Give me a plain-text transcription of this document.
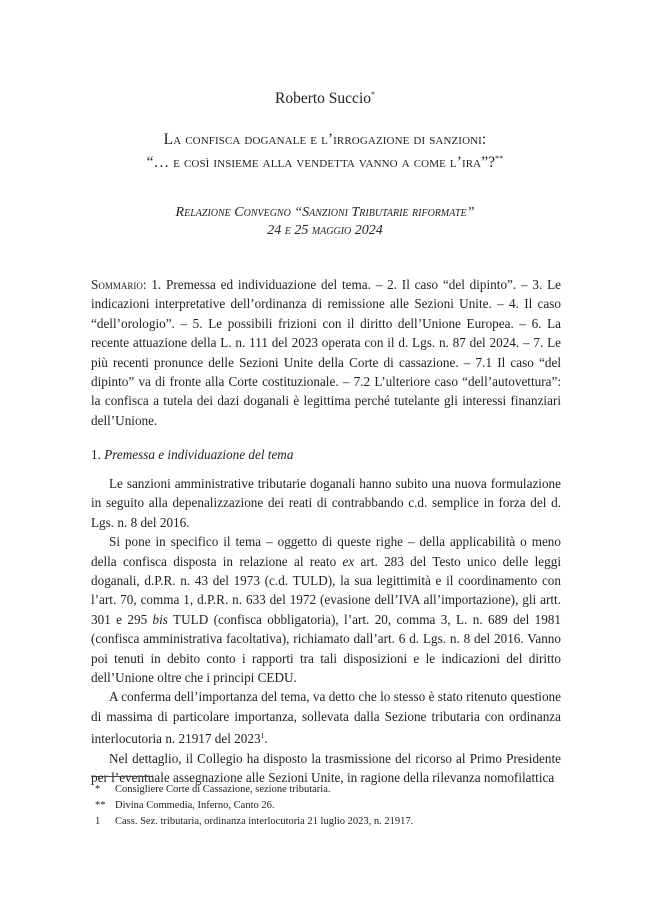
Roberto Succio*
La confisca doganale e l’irrogazione di sanzioni:
“… e così insieme alla vendetta vanno a come l’ira”?**
Relazione Convegno “Sanzioni Tributarie riformate”
24 e 25 maggio 2024
Sommario: 1. Premessa ed individuazione del tema. – 2. Il caso “del dipinto”. – 3. Le indicazioni interpretative dell’ordinanza di remissione alle Sezioni Unite. – 4. Il caso “dell’orologio”. – 5. Le possibili frizioni con il diritto dell’Unione Europea. – 6. La recente attuazione della L. n. 111 del 2023 operata con il d. Lgs. n. 87 del 2024. – 7. Le più recenti pronunce delle Sezioni Unite della Corte di cassazione. – 7.1 Il caso “del dipinto” va di fronte alla Corte costituzionale. – 7.2 L’ulteriore caso “dell’autovettura”: la confisca a tutela dei dazi doganali è legittima perché tutelante gli interessi finanziari dell’Unione.
1. Premessa e individuazione del tema

Le sanzioni amministrative tributarie doganali hanno subito una nuova formulazione in seguito alla depenalizzazione dei reati di contrabbando c.d. semplice in forza del d. Lgs. n. 8 del 2016.

Si pone in specifico il tema – oggetto di queste righe – della applicabilità o meno della confisca disposta in relazione al reato ex art. 283 del Testo unico delle leggi doganali, d.P.R. n. 43 del 1973 (c.d. TULD), la sua legittimità e il coordinamento con l’art. 70, comma 1, d.P.R. n. 633 del 1972 (evasione dell’IVA all’importazione), gli artt. 301 e 295 bis TULD (confisca obbligatoria), l’art. 20, comma 3, L. n. 689 del 1981 (confisca amministrativa facoltativa), richiamato dall’art. 6 d. Lgs. n. 8 del 2016. Vanno poi tenuti in debito conto i rapporti tra tali disposizioni e le indicazioni del diritto dell’Unione oltre che i principi CEDU.

A conferma dell’importanza del tema, va detto che lo stesso è stato ritenuto questione di massima di particolare importanza, sollevata dalla Sezione tributaria con ordinanza interlocutoria n. 21917 del 2023$^1$.

Nel dettaglio, il Collegio ha disposto la trasmissione del ricorso al Primo Presidente per l’eventuale assegnazione alle Sezioni Unite, in ragione della rilevanza nomofilattica

*	Consigliere Corte di Cassazione, sezione tributaria.
** Divina Commedia, Inferno, Canto 26.
1	Cass. Sez. tributaria, ordinanza interlocutoria 21 luglio 2023, n. 21917.
